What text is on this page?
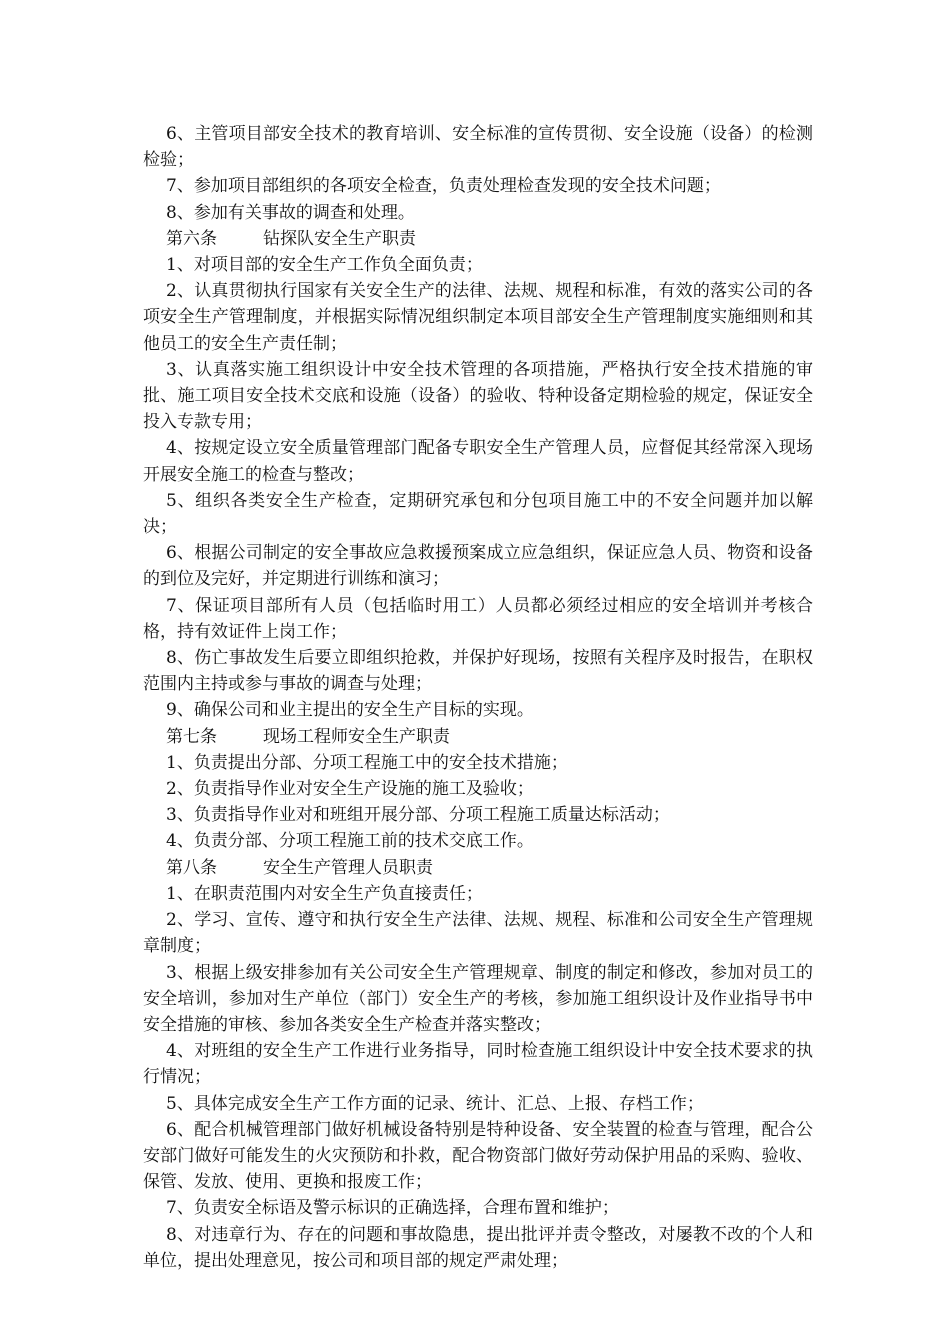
6、主管项目部安全技术的教育培训、安全标准的宣传贯彻、安全设施（设备）的检测检验；

7、参加项目部组织的各项安全检查，负责处理检查发现的安全技术问题；

8、参加有关事故的调查和处理。

第六条	钻探队安全生产职责

1、对项目部的安全生产工作负全面负责；

2、认真贯彻执行国家有关安全生产的法律、法规、规程和标准，有效的落实公司的各项安全生产管理制度，并根据实际情况组织制定本项目部安全生产管理制度实施细则和其他员工的安全生产责任制；

3、认真落实施工组织设计中安全技术管理的各项措施，严格执行安全技术措施的审批、施工项目安全技术交底和设施（设备）的验收、特种设备定期检验的规定，保证安全投入专款专用；

4、按规定设立安全质量管理部门配备专职安全生产管理人员，应督促其经常深入现场开展安全施工的检查与整改；

5、组织各类安全生产检查，定期研究承包和分包项目施工中的不安全问题并加以解决；

6、根据公司制定的安全事故应急救援预案成立应急组织，保证应急人员、物资和设备的到位及完好，并定期进行训练和演习；

7、保证项目部所有人员（包括临时用工）人员都必须经过相应的安全培训并考核合格，持有效证件上岗工作；

8、伤亡事故发生后要立即组织抢救，并保护好现场，按照有关程序及时报告，在职权范围内主持或参与事故的调查与处理；

9、确保公司和业主提出的安全生产目标的实现。

第七条	现场工程师安全生产职责

1、负责提出分部、分项工程施工中的安全技术措施；

2、负责指导作业对安全生产设施的施工及验收；

3、负责指导作业对和班组开展分部、分项工程施工质量达标活动；

4、负责分部、分项工程施工前的技术交底工作。

第八条	安全生产管理人员职责

1、在职责范围内对安全生产负直接责任；

2、学习、宣传、遵守和执行安全生产法律、法规、规程、标准和公司安全生产管理规章制度；

3、根据上级安排参加有关公司安全生产管理规章、制度的制定和修改，参加对员工的安全培训，参加对生产单位（部门）安全生产的考核，参加施工组织设计及作业指导书中安全措施的审核、参加各类安全生产检查并落实整改；

4、对班组的安全生产工作进行业务指导，同时检查施工组织设计中安全技术要求的执行情况；

5、具体完成安全生产工作方面的记录、统计、汇总、上报、存档工作；

6、配合机械管理部门做好机械设备特别是特种设备、安全装置的检查与管理，配合公安部门做好可能发生的火灾预防和扑救，配合物资部门做好劳动保护用品的采购、验收、保管、发放、使用、更换和报废工作；

7、负责安全标语及警示标识的正确选择，合理布置和维护；

8、对违章行为、存在的问题和事故隐患，提出批评并责令整改，对屡教不改的个人和单位，提出处理意见，按公司和项目部的规定严肃处理；
